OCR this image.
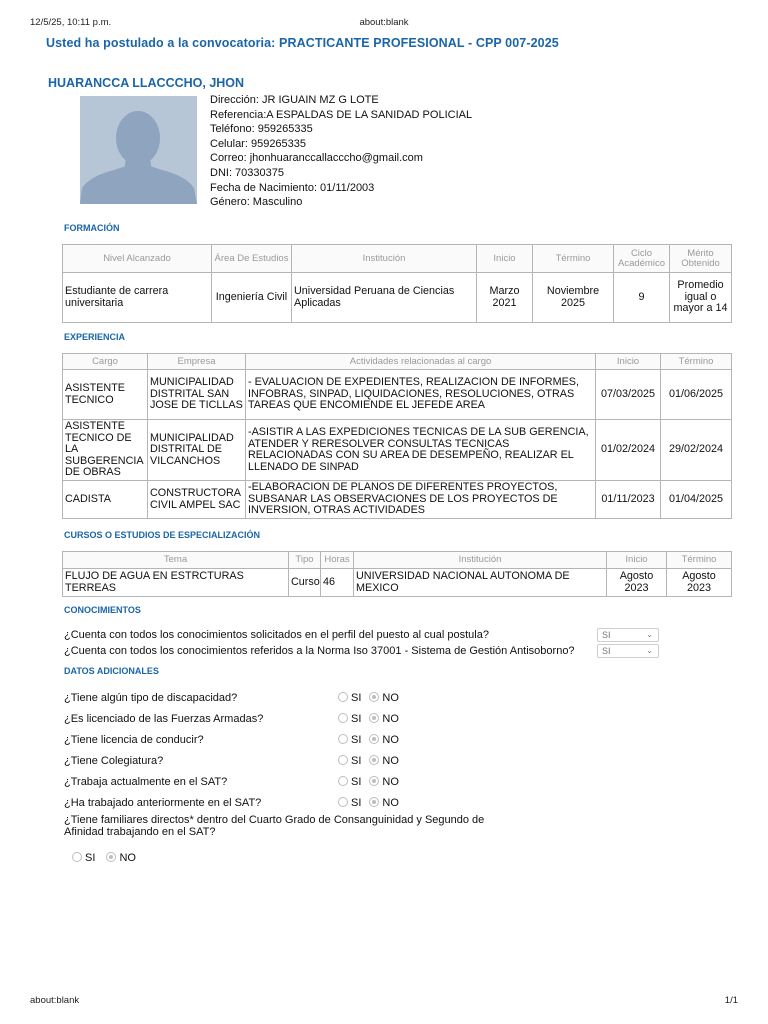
12/5/25, 10:11 p.m.	about:blank
Usted ha postulado a la convocatoria: PRACTICANTE PROFESIONAL - CPP 007-2025
HUARANCCA LLACCCHO, JHON
Dirección: JR IGUAIN MZ G LOTE
Referencia:A ESPALDAS DE LA SANIDAD POLICIAL
Teléfono: 959265335
Celular: 959265335
Correo: jhonhuaranccallacccho@gmail.com
DNI: 70330375
Fecha de Nacimiento: 01/11/2003
Género: Masculino
FORMACIÓN
Nivel Alcanzado	Área De Estudios	Institución	Inicio	Término	Ciclo Académico	Mérito Obtenido
Estudiante de carrera universitaria	Ingeniería Civil	Universidad Peruana de Ciencias Aplicadas	Marzo 2021	Noviembre 2025	9	Promedio igual o mayor a 14
EXPERIENCIA
Cargo	Empresa	Actividades relacionadas al cargo	Inicio	Término
ASISTENTE TECNICO	MUNICIPALIDAD DISTRITAL SAN JOSE DE TICLLAS	- EVALUACION DE EXPEDIENTES, REALIZACION DE INFORMES, INFOBRAS, SINPAD, LIQUIDACIONES, RESOLUCIONES, OTRAS TAREAS QUE ENCOMIENDE EL JEFEDE AREA	07/03/2025	01/06/2025
ASISTENTE TECNICO DE LA SUBGERENCIA DE OBRAS	MUNICIPALIDAD DISTRITAL DE VILCANCHOS	-ASISTIR A LAS EXPEDICIONES TECNICAS DE LA SUB GERENCIA, ATENDER Y RERESOLVER CONSULTAS TECNICAS RELACIONADAS CON SU AREA DE DESEMPEÑO, REALIZAR EL LLENADO DE SINPAD	01/02/2024	29/02/2024
CADISTA	CONSTRUCTORA CIVIL AMPEL SAC	-ELABORACION DE PLANOS DE DIFERENTES PROYECTOS, SUBSANAR LAS OBSERVACIONES DE LOS PROYECTOS DE INVERSION, OTRAS ACTIVIDADES	01/11/2023	01/04/2025
CURSOS O ESTUDIOS DE ESPECIALIZACIÓN
Tema	Tipo	Horas	Institución	Inicio	Término
FLUJO DE AGUA EN ESTRCTURAS TERREAS	Curso	46	UNIVERSIDAD NACIONAL AUTONOMA DE MEXICO	Agosto 2023	Agosto 2023
CONOCIMIENTOS
¿Cuenta con todos los conocimientos solicitados en el perfil del puesto al cual postula?	SI	⌄
¿Cuenta con todos los conocimientos referidos a la Norma Iso 37001 - Sistema de Gestión Antisoborno?	SI	⌄
DATOS ADICIONALES
¿Tiene algún tipo de discapacidad?	SI NO
¿Es licenciado de las Fuerzas Armadas?	SI NO
¿Tiene licencia de conducir?	SI NO
¿Tiene Colegiatura?	SI NO
¿Trabaja actualmente en el SAT?	SI NO
¿Ha trabajado anteriormente en el SAT?	SI NO
¿Tiene familiares directos* dentro del Cuarto Grado de Consanguinidad y Segundo de
Afinidad trabajando en el SAT?
SI NO
about:blank	1/1
